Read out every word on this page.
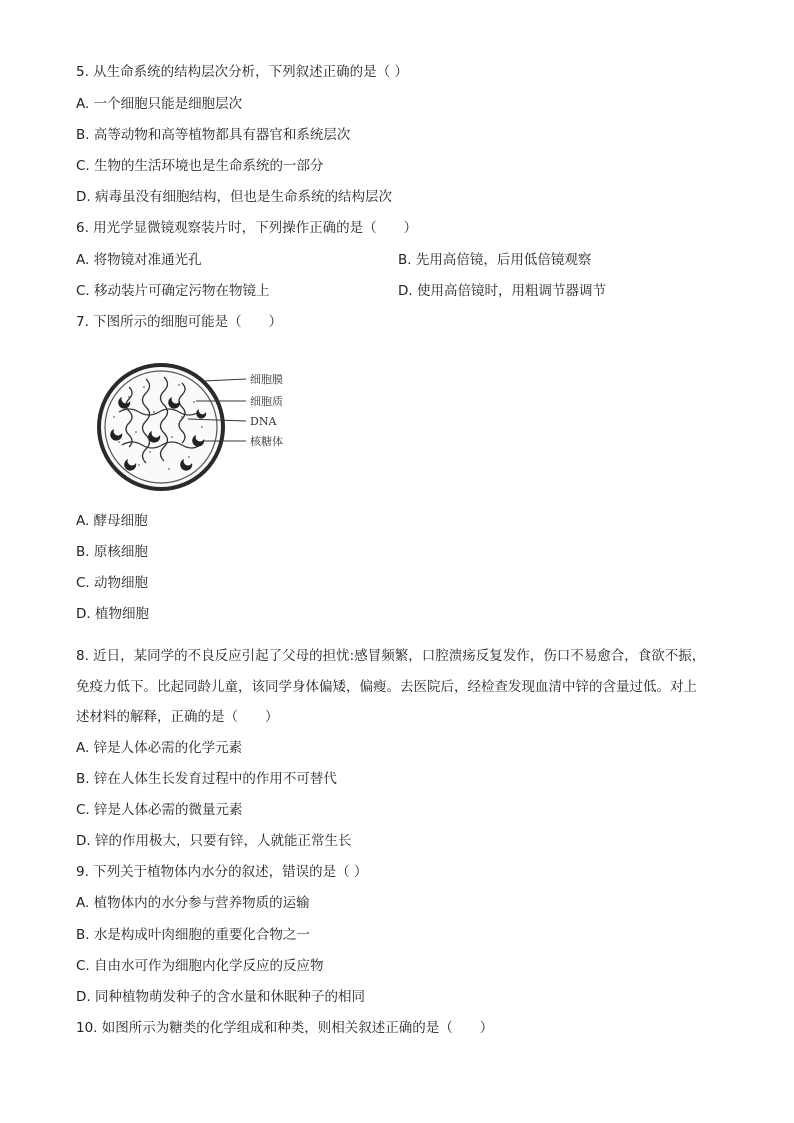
5. 从生命系统的结构层次分析，下列叙述正确的是（ ）
A. 一个细胞只能是细胞层次
B. 高等动物和高等植物都具有器官和系统层次
C. 生物的生活环境也是生命系统的一部分
D. 病毒虽没有细胞结构，但也是生命系统的结构层次
6. 用光学显微镜观察装片时，下列操作正确的是（　　）
A. 将物镜对准通光孔	B. 先用高倍镜，后用低倍镜观察
C. 移动装片可确定污物在物镜上	D. 使用高倍镜时，用粗调节器调节
7. 下图所示的细胞可能是（　　）
细胞膜
细胞质
DNA
核糖体
A. 酵母细胞
B. 原核细胞
C. 动物细胞
D. 植物细胞
8. 近日，某同学的不良反应引起了父母的担忧:感冒频繁，口腔溃疡反复发作，伤口不易愈合，食欲不振，
免疫力低下。比起同龄儿童，该同学身体偏矮，偏瘦。去医院后，经检查发现血清中锌的含量过低。对上
述材料的解释，正确的是（　　）
A. 锌是人体必需的化学元素
B. 锌在人体生长发育过程中的作用不可替代
C. 锌是人体必需的微量元素
D. 锌的作用极大，只要有锌，人就能正常生长
9. 下列关于植物体内水分的叙述，错误的是（ ）
A. 植物体内的水分参与营养物质的运输
B. 水是构成叶肉细胞的重要化合物之一
C. 自由水可作为细胞内化学反应的反应物
D. 同种植物萌发种子的含水量和休眠种子的相同
10. 如图所示为糖类的化学组成和种类，则相关叙述正确的是（　　）
